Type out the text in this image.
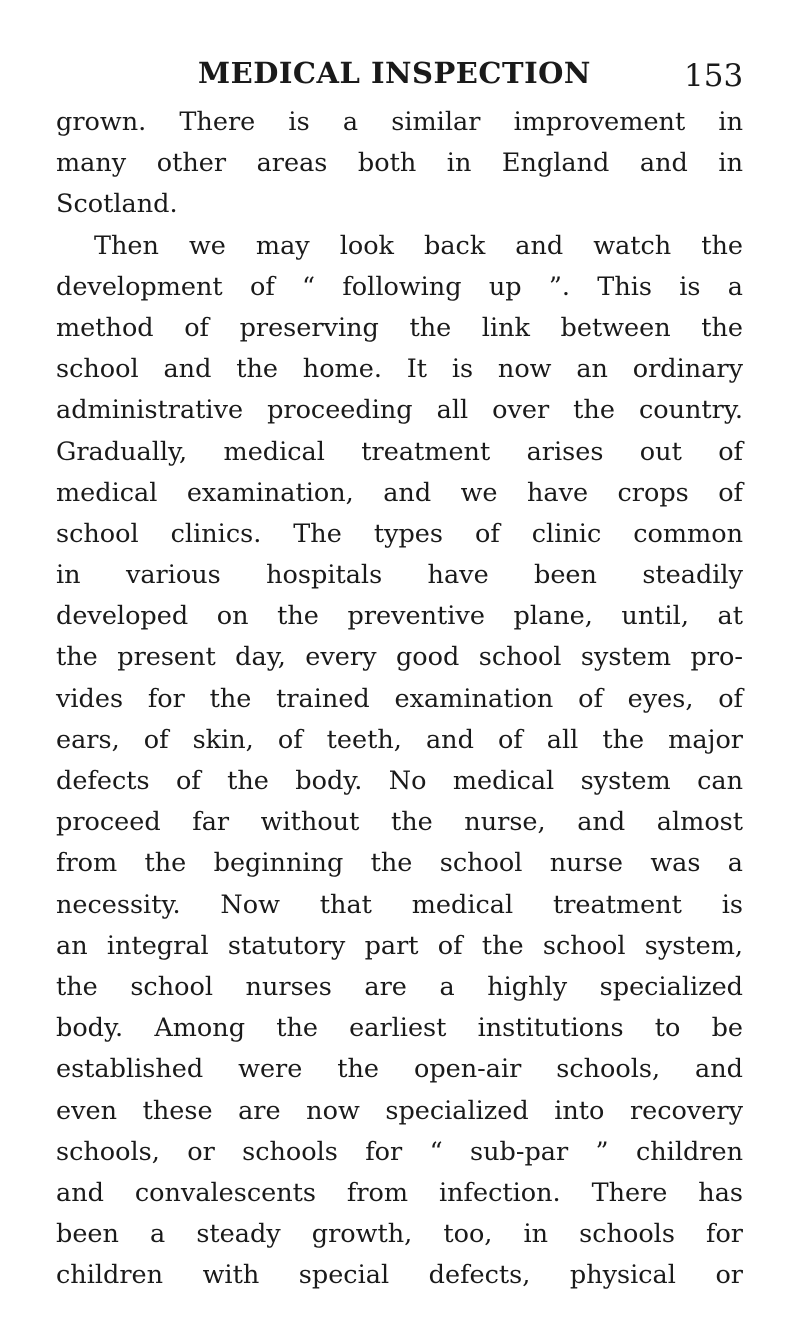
MEDICAL INSPECTION	153
grown. There is a similar improvement in
many other areas both in England and in
Scotland.
Then we may look back and watch the
development of “ following up ”. This is a
method of preserving the link between the
school and the home. It is now an ordinary
administrative proceeding all over the country.
Gradually, medical treatment arises out of
medical examination, and we have crops of
school clinics. The types of clinic common
in various hospitals have been steadily
developed on the preventive plane, until, at
the present day, every good school system pro-
vides for the trained examination of eyes, of
ears, of skin, of teeth, and of all the major
defects of the body. No medical system can
proceed far without the nurse, and almost
from the beginning the school nurse was a
necessity. Now that medical treatment is
an integral statutory part of the school system,
the school nurses are a highly specialized
body. Among the earliest institutions to be
established were the open-air schools, and
even these are now specialized into recovery
schools, or schools for “ sub-par ” children
and convalescents from infection. There has
been a steady growth, too, in schools for
children with special defects, physical or
